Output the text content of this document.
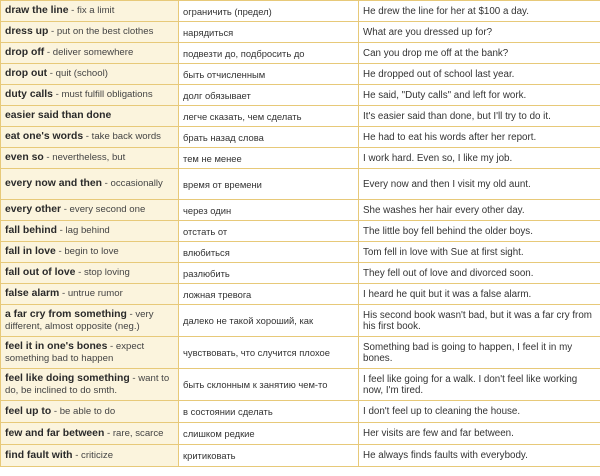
draw the line - fix a limit	ограничить (предел)	He drew the line for her at $100 a day.
dress up - put on the best clothes	нарядиться	What are you dressed up for?
drop off - deliver somewhere	подвезти до, подбросить до	Can you drop me off at the bank?
drop out - quit (school)	быть отчисленным	He dropped out of school last year.
duty calls - must fulfill obligations	долг обязывает	He said, "Duty calls" and left for work.
easier said than done	легче сказать, чем сделать	It's easier said than done, but I'll try to do it.
eat one's words - take back words	брать назад слова	He had to eat his words after her report.
even so - nevertheless, but	тем не менее	I work hard. Even so, I like my job.
every now and then - occasionally	время от времени	Every now and then I visit my old aunt.
every other - every second one	через один	She washes her hair every other day.
fall behind - lag behind	отстать от	The little boy fell behind the older boys.
fall in love - begin to love	влюбиться	Tom fell in love with Sue at first sight.
fall out of love - stop loving	разлюбить	They fell out of love and divorced soon.
false alarm - untrue rumor	ложная тревога	I heard he quit but it was a false alarm.
a far cry from something - very different, almost opposite (neg.)	далеко не такой хороший, как	His second book wasn't bad, but it was a far cry from his first book.
feel it in one's bones - expect something bad to happen	чувствовать, что случится плохое	Something bad is going to happen, I feel it in my bones.
feel like doing something - want to do, be inclined to do smth.	быть склонным к занятию чем-то	I feel like going for a walk. I don't feel like working now, I'm tired.
feel up to - be able to do	в состоянии сделать	I don't feel up to cleaning the house.
few and far between - rare, scarce	слишком редкие	Her visits are few and far between.
find fault with - criticize	критиковать	He always finds faults with everybody.
